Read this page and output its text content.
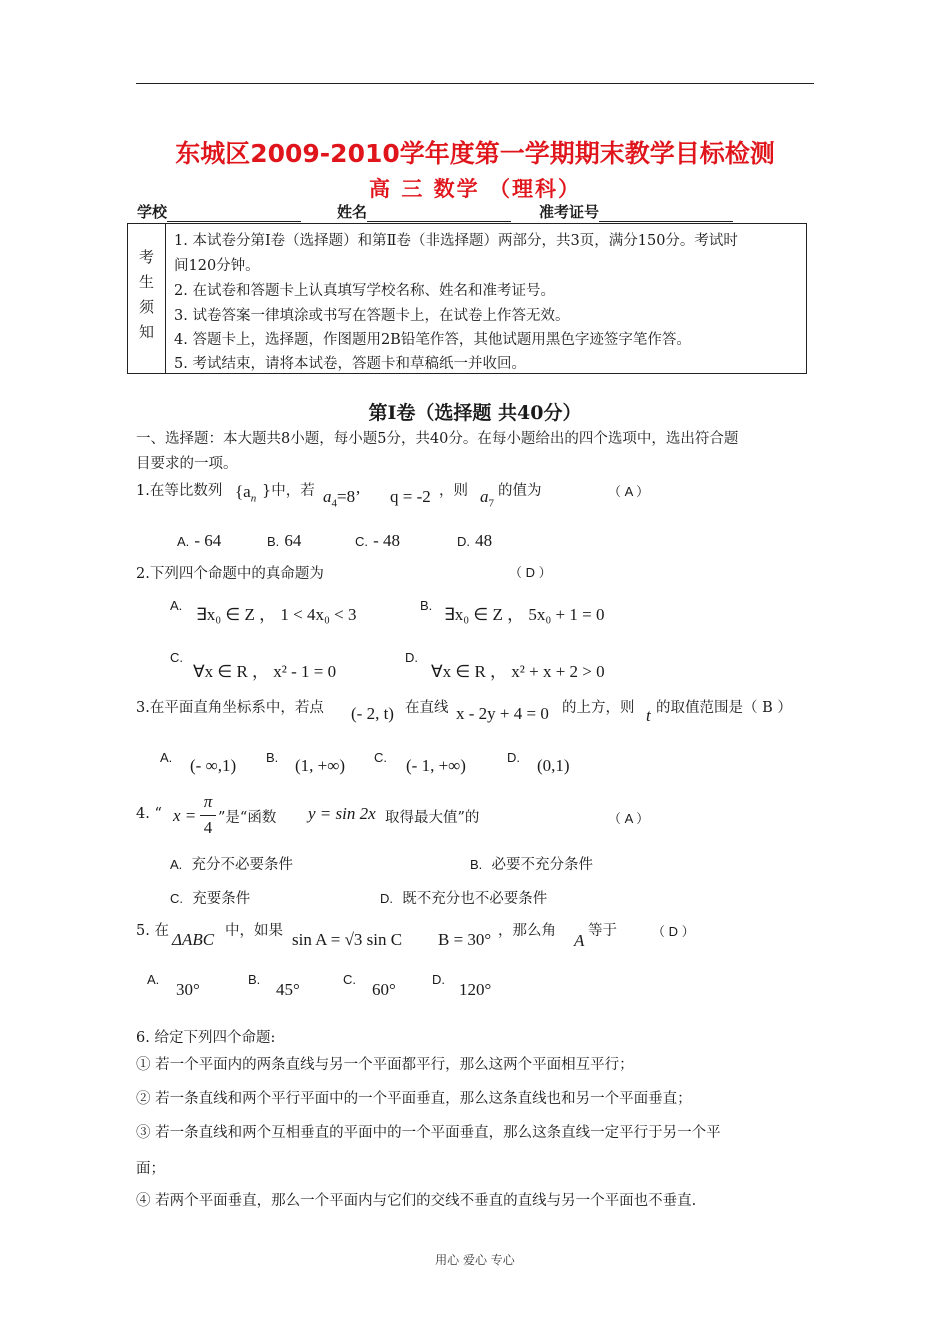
东城区2009-2010学年度第一学期期末教学目标检测
高 三 数学 （理科）
学校	姓名	准考证号
考
生
须
知
1. 本试卷分第Ⅰ卷（选择题）和第Ⅱ卷（非选择题）两部分，共3页，满分150分。考试时
间120分钟。
2. 在试卷和答题卡上认真填写学校名称、姓名和准考证号。
3. 试卷答案一律填涂或书写在答题卡上，在试卷上作答无效。
4. 答题卡上，选择题，作图题用2B铅笔作答，其他试题用黑色字迹签字笔作答。
5. 考试结束，请将本试卷，答题卡和草稿纸一并收回。
第Ⅰ卷（选择题 共40分）
一、选择题：本大题共8小题，每小题5分，共40分。在每小题给出的四个选项中，选出符合题
目要求的一项。
1.在等比数列 {$a_n$ }中，若 $a_4=8$’ q = -2 ，则 $a_7$
的值为	（ A ）
A. - 64	B. 64	C. - 48	D. 48
2.下列四个命题中的真命题为	（ D ）
A. ∃x₀ ∈ Z ， 1 < 4x₀ < 3	B. ∃x₀ ∈ Z ， 5x₀ + 1 = 0
C.
∀x ∈ R ， x² - 1 = 0
D.
∀x ∈ R ， x² + x + 2 > 0
3.在平面直角坐标系中，若点 (- 2, t) 在直线 x - 2y + 4 = 0 的上方，则 t 的取值范围是（ B ）
A. (- ∞,1) B. (1, +∞) C. (- 1, +∞)	D. (0,1)
4. “ x =
π
4 ”是“函数 y = sin 2x 取得最大值”的	（ A ）
A. 充分不必要条件	B. 必要不充分条件
C. 充要条件	D. 既不充分也不必要条件
5. 在 ΔABC 中，如果 sin A = √3 sin C B = 30° ，那么角 A 等于	（ D ）
A.
30°
B.
45°
C.
60°
D.
120°
6. 给定下列四个命题:
① 若一个平面内的两条直线与另一个平面都平行，那么这两个平面相互平行；
② 若一条直线和两个平行平面中的一个平面垂直，那么这条直线也和另一个平面垂直；
③ 若一条直线和两个互相垂直的平面中的一个平面垂直，那么这条直线一定平行于另一个平
面；
④ 若两个平面垂直，那么一个平面内与它们的交线不垂直的直线与另一个平面也不垂直.
用心 爱心 专心
